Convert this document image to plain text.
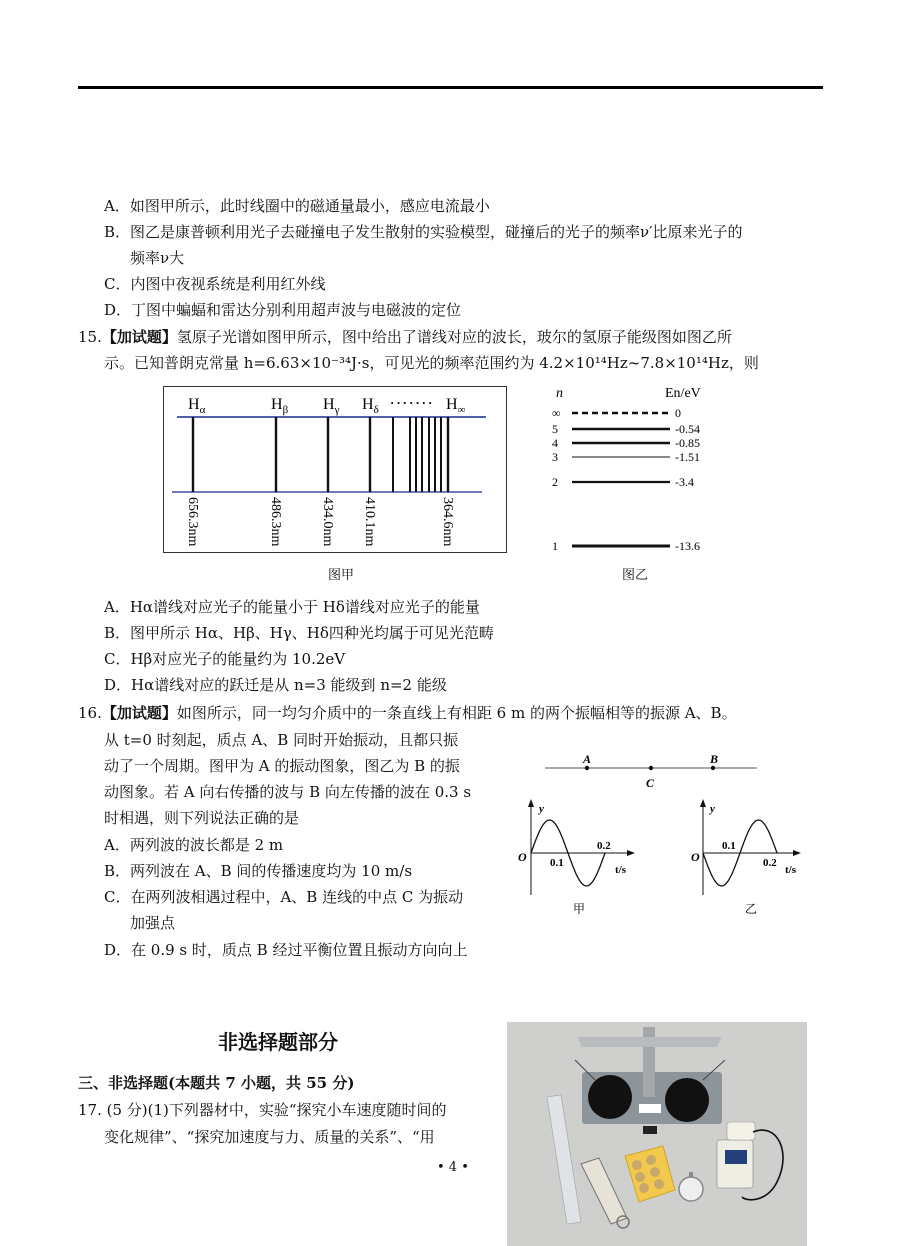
A．如图甲所示，此时线圈中的磁通量最小，感应电流最小
B．图乙是康普顿利用光子去碰撞电子发生散射的实验模型，碰撞后的光子的频率ν′比原来光子的
频率ν大
C．内图中夜视系统是利用红外线
D．丁图中蝙蝠和雷达分别利用超声波与电磁波的定位
15.【加试题】氢原子光谱如图甲所示，图中给出了谱线对应的波长，玻尔的氢原子能级图如图乙所
示。已知普朗克常量 h=6.63×10⁻³⁴J·s，可见光的频率范围约为 4.2×10¹⁴Hz~7.8×10¹⁴Hz，则
$H_\alpha$
656.3nm
$H_\beta$
486.3nm
$H_\gamma$
434.0nm
$H_\delta$
410.1nm
$H_\infty$
364.6nm
·······
图甲
n	En/eV
∞	0
5	-0.54
4	-0.85
3	-1.51
2	-3.4
1	-13.6
图乙
A．Hα谱线对应光子的能量小于 Hδ谱线对应光子的能量
B．图甲所示 Hα、Hβ、Hγ、Hδ四种光均属于可见光范畴
C．Hβ对应光子的能量约为 10.2eV
D．Hα谱线对应的跃迁是从 n=3 能级到 n=2 能级
16.【加试题】如图所示，同一均匀介质中的一条直线上有相距 6 m 的两个振幅相等的振源 A、B。
从 t=0 时刻起，质点 A、B 同时开始振动，且都只振
动了一个周期。图甲为 A 的振动图象，图乙为 B 的振
动图象。若 A 向右传播的波与 B 向左传播的波在 0.3 s
时相遇，则下列说法正确的是
A．两列波的波长都是 2 m
B．两列波在 A、B 间的传播速度均为 10 m/s
C．在两列波相遇过程中，A、B 连线的中点 C 为振动
加强点
D．在 0.9 s 时，质点 B 经过平衡位置且振动方向向上
A	B
C
y
O 0.1
0.2
t/s
甲
y
O
0.1
0.2
t/s
乙
非选择题部分
三、非选择题(本题共 7 小题，共 55 分)
17. (5 分)(1)下列器材中，实验“探究小车速度随时间的
变化规律”、“探究加速度与力、质量的关系”、“用
• 4 •
